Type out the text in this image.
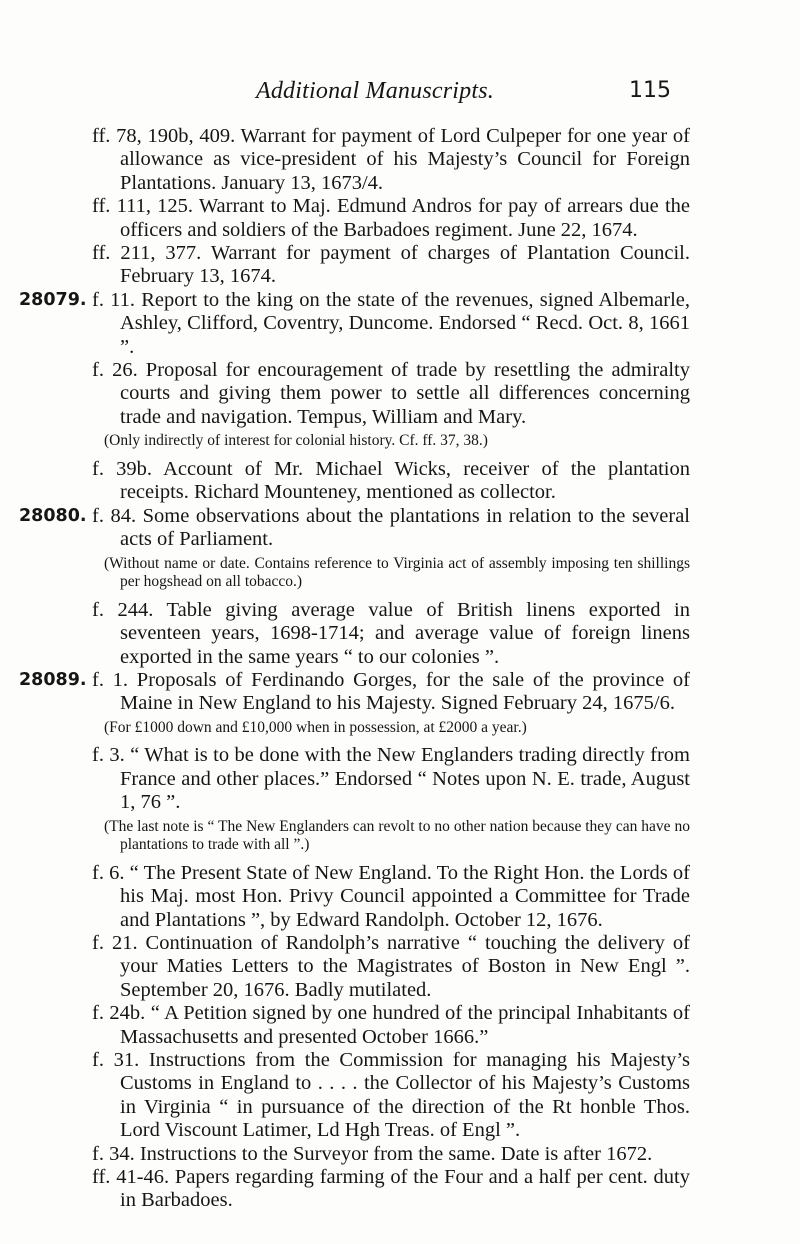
Additional Manuscripts.	115

ff. 78, 190b, 409. Warrant for payment of Lord Culpeper for one year of allowance as vice-president of his Majesty’s Council for Foreign Plantations. January 13, 1673/4.

ff. 111, 125. Warrant to Maj. Edmund Andros for pay of arrears due the officers and soldiers of the Barbadoes regiment. June 22, 1674.

ff. 211, 377. Warrant for payment of charges of Plantation Council. February 13, 1674.

28079. f. 11. Report to the king on the state of the revenues, signed Albemarle, Ashley, Clifford, Coventry, Duncome. Endorsed “ Recd. Oct. 8, 1661 ”.

f. 26. Proposal for encouragement of trade by resettling the admiralty courts and giving them power to settle all differences concerning trade and navigation. Tempus, William and Mary.

(Only indirectly of interest for colonial history. Cf. ff. 37, 38.)

f. 39b. Account of Mr. Michael Wicks, receiver of the plantation receipts. Richard Mounteney, mentioned as collector.

28080. f. 84. Some observations about the plantations in relation to the several acts of Parliament.

(Without name or date. Contains reference to Virginia act of assembly imposing ten shillings per hogshead on all tobacco.)

f. 244. Table giving average value of British linens exported in seventeen years, 1698-1714; and average value of foreign linens exported in the same years “ to our colonies ”.

28089. f. 1. Proposals of Ferdinando Gorges, for the sale of the province of Maine in New England to his Majesty. Signed February 24, 1675/6.

(For £1000 down and £10,000 when in possession, at £2000 a year.)

f. 3. “ What is to be done with the New Englanders trading directly from France and other places.” Endorsed “ Notes upon N. E. trade, August 1, 76 ”.

(The last note is “ The New Englanders can revolt to no other nation because they can have no plantations to trade with all ”.)

f. 6. “ The Present State of New England. To the Right Hon. the Lords of his Maj. most Hon. Privy Council appointed a Committee for Trade and Plantations ”, by Edward Randolph. October 12, 1676.

f. 21. Continuation of Randolph’s narrative “ touching the delivery of your Maties Letters to the Magistrates of Boston in New Engl ”. September 20, 1676. Badly mutilated.

f. 24b. “ A Petition signed by one hundred of the principal Inhabitants of Massachusetts and presented October 1666.”

f. 31. Instructions from the Commission for managing his Majesty’s Customs in England to . . . . the Collector of his Majesty’s Customs in Virginia “ in pursuance of the direction of the Rt honble Thos. Lord Viscount Latimer, Ld Hgh Treas. of Engl ”.

f. 34. Instructions to the Surveyor from the same. Date is after 1672.

ff. 41-46. Papers regarding farming of the Four and a half per cent. duty in Barbadoes.
